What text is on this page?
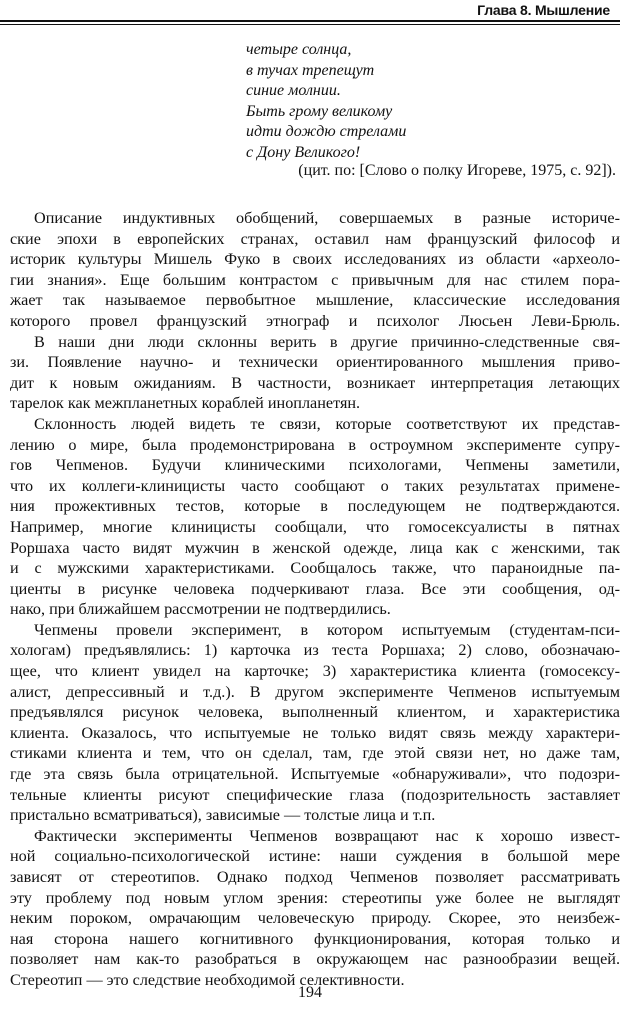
Глава 8. Мышление
четыре солнца,
в тучах трепещут
синие молнии.
Быть грому великому
идти дождю стрелами
с Дону Великого!
(цит. по: [Слово о полку Игореве, 1975, с. 92]).
Описание индуктивных обобщений, совершаемых в разные историче-
ские эпохи в европейских странах, оставил нам французский философ и
историк культуры Мишель Фуко в своих исследованиях из области «археоло-
гии знания». Еще большим контрастом с привычным для нас стилем пора-
жает так называемое первобытное мышление, классические исследования
которого провел французский этнограф и психолог Люсьен Леви-Брюль.
В наши дни люди склонны верить в другие причинно-следственные свя-
зи. Появление научно- и технически ориентированного мышления приво-
дит к новым ожиданиям. В частности, возникает интерпретация летающих
тарелок как межпланетных кораблей инопланетян.
Склонность людей видеть те связи, которые соответствуют их представ-
лению о мире, была продемонстрирована в остроумном эксперименте супру-
гов Чепменов. Будучи клиническими психологами, Чепмены заметили,
что их коллеги-клиницисты часто сообщают о таких результатах примене-
ния прожективных тестов, которые в последующем не подтверждаются.
Например, многие клиницисты сообщали, что гомосексуалисты в пятнах
Роршаха часто видят мужчин в женской одежде, лица как с женскими, так
и с мужскими характеристиками. Сообщалось также, что параноидные па-
циенты в рисунке человека подчеркивают глаза. Все эти сообщения, од-
нако, при ближайшем рассмотрении не подтвердились.
Чепмены провели эксперимент, в котором испытуемым (студентам-пси-
хологам) предъявлялись: 1) карточка из теста Роршаха; 2) слово, обозначаю-
щее, что клиент увидел на карточке; 3) характеристика клиента (гомосексу-
алист, депрессивный и т.д.). В другом эксперименте Чепменов испытуемым
предъявлялся рисунок человека, выполненный клиентом, и характеристика
клиента. Оказалось, что испытуемые не только видят связь между характери-
стиками клиента и тем, что он сделал, там, где этой связи нет, но даже там,
где эта связь была отрицательной. Испытуемые «обнаруживали», что подозри-
тельные клиенты рисуют специфические глаза (подозрительность заставляет
пристально всматриваться), зависимые — толстые лица и т.п.
Фактически эксперименты Чепменов возвращают нас к хорошо извест-
ной социально-психологической истине: наши суждения в большой мере
зависят от стереотипов. Однако подход Чепменов позволяет рассматривать
эту проблему под новым углом зрения: стереотипы уже более не выглядят
неким пороком, омрачающим человеческую природу. Скорее, это неизбеж-
ная сторона нашего когнитивного функционирования, которая только и
позволяет нам как-то разобраться в окружающем нас разнообразии вещей.
Стереотип — это следствие необходимой селективности.
194
